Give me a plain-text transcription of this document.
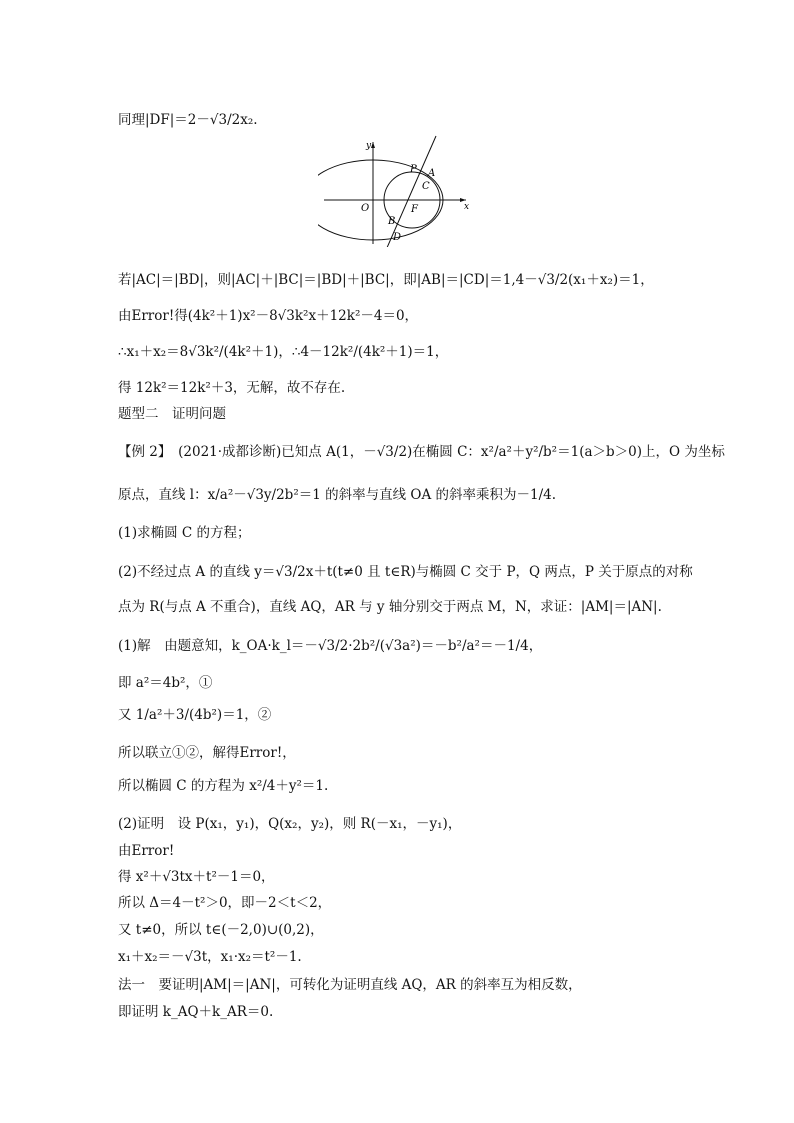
同理|DF|＝2－√3/2x₂.
y
x
O	F
P A
C
B
D
若|AC|＝|BD|，则|AC|＋|BC|＝|BD|＋|BC|，即|AB|＝|CD|＝1,4－√3/2(x₁＋x₂)＝1，
由Error!得(4k²＋1)x²－8√3k²x＋12k²－4＝0，
∴x₁＋x₂＝8√3k²/(4k²＋1)，∴4－12k²/(4k²＋1)＝1，
得 12k²＝12k²＋3，无解，故不存在.
题型二　证明问题
【例 2】　(2021·成都诊断)已知点 A(1，－√3/2)在椭圆 C：x²/a²＋y²/b²＝1(a＞b＞0)上，O 为坐标
原点，直线 l：x/a²－√3y/2b²＝1 的斜率与直线 OA 的斜率乘积为－1/4.
(1)求椭圆 C 的方程；
(2)不经过点 A 的直线 y＝√3/2x＋t(t≠0 且 t∈R)与椭圆 C 交于 P，Q 两点，P 关于原点的对称
点为 R(与点 A 不重合)，直线 AQ，AR 与 y 轴分别交于两点 M，N，求证：|AM|＝|AN|.
(1)解　由题意知，k_OA·k_l＝－√3/2·2b²/(√3a²)＝－b²/a²＝－1/4，
即 a²＝4b²，①
又 1/a²＋3/(4b²)＝1，②
所以联立①②，解得Error!，
所以椭圆 C 的方程为 x²/4＋y²＝1.
(2)证明　设 P(x₁，y₁)，Q(x₂，y₂)，则 R(－x₁，－y₁)，
由Error!
得 x²＋√3tx＋t²－1＝0，
所以 Δ＝4－t²＞0，即－2＜t＜2，
又 t≠0，所以 t∈(－2,0)∪(0,2)，
x₁＋x₂＝－√3t，x₁·x₂＝t²－1.
法一　要证明|AM|＝|AN|，可转化为证明直线 AQ，AR 的斜率互为相反数，
即证明 k_AQ＋k_AR＝0.
